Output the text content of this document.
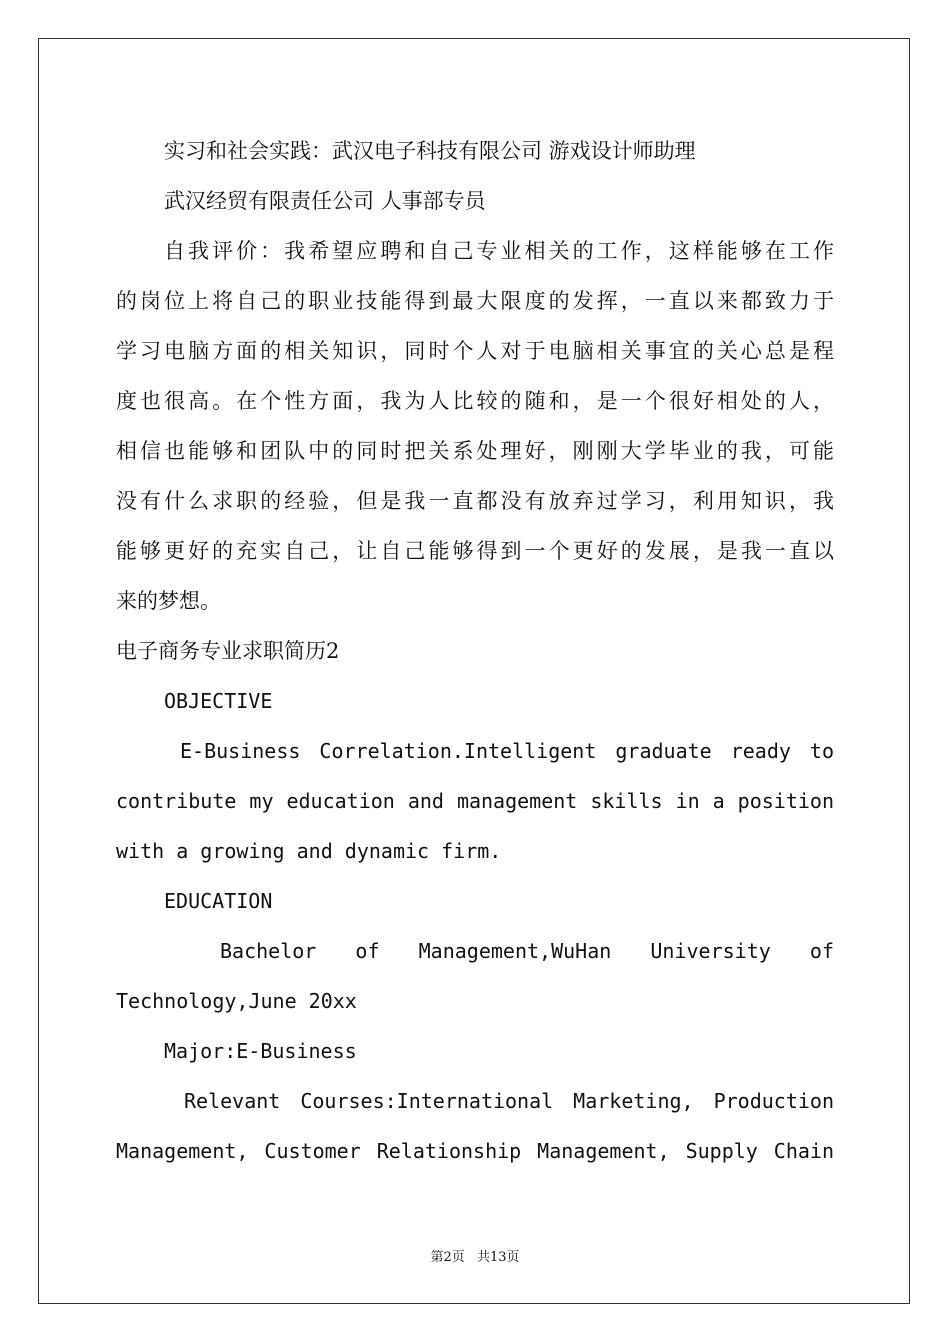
实习和社会实践：武汉电子科技有限公司 游戏设计师助理
武汉经贸有限责任公司 人事部专员
自我评价：我希望应聘和自己专业相关的工作，这样能够在工作
的岗位上将自己的职业技能得到最大限度的发挥，一直以来都致力于
学习电脑方面的相关知识，同时个人对于电脑相关事宜的关心总是程
度也很高。在个性方面，我为人比较的随和，是一个很好相处的人，
相信也能够和团队中的同时把关系处理好，刚刚大学毕业的我，可能
没有什么求职的经验，但是我一直都没有放弃过学习，利用知识，我
能够更好的充实自己，让自己能够得到一个更好的发展，是我一直以
来的梦想。
电子商务专业求职简历2
OBJECTIVE
E-Business Correlation.Intelligent graduate ready to
contribute my education and management skills in a position
with a growing and dynamic firm.
EDUCATION
Bachelor of Management,WuHan University of
Technology,June 20xx
Major:E-Business
Relevant Courses:International Marketing, Production
Management, Customer Relationship Management, Supply Chain
第2页 共13页
